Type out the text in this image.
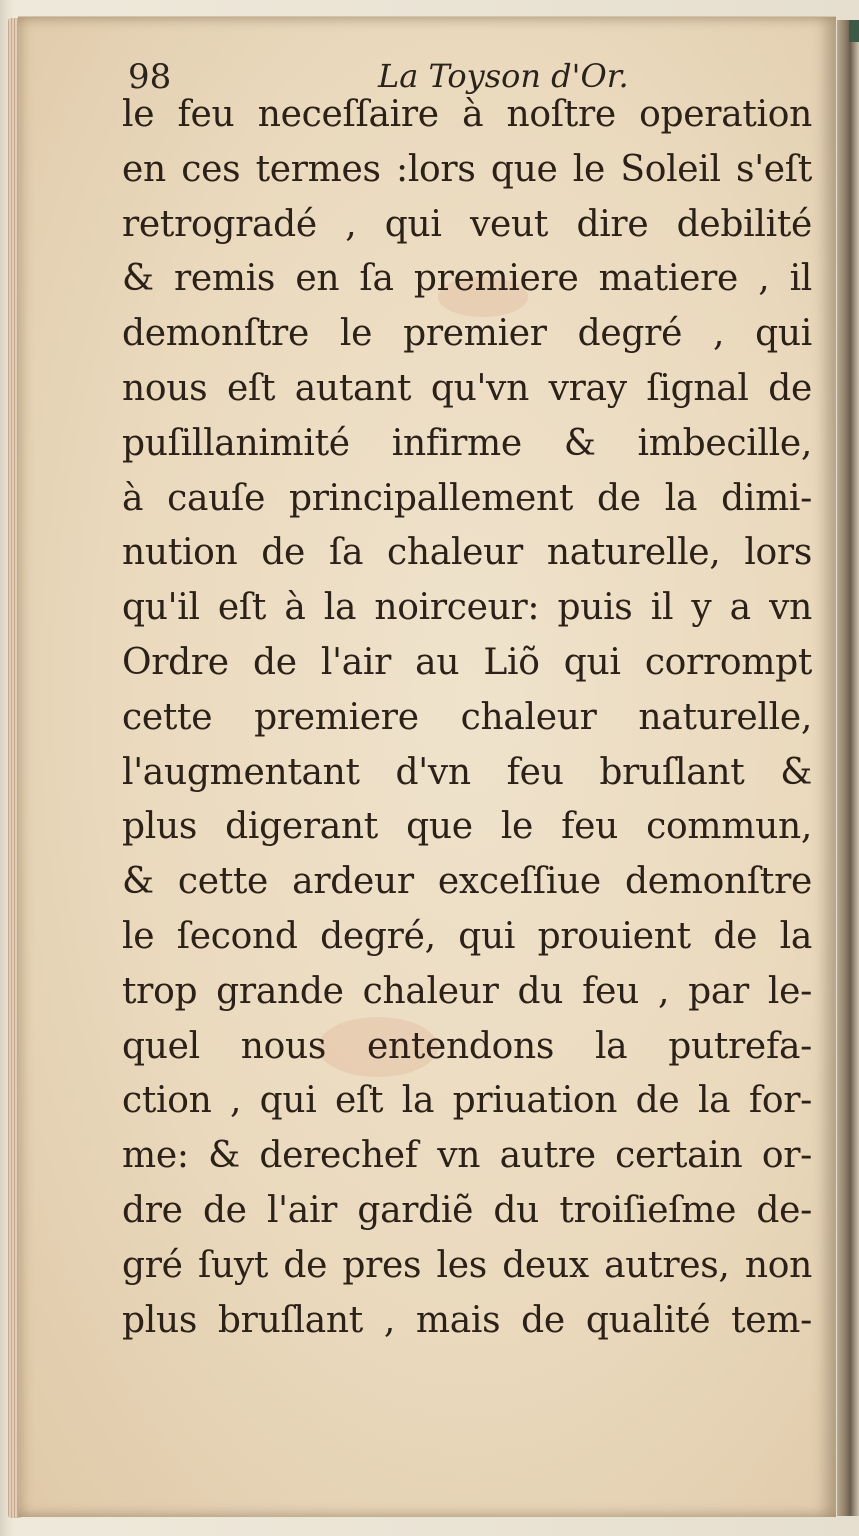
98	La Toyson d'Or.
le feu neceſſaire à noſtre operation
en ces termes :lors que le Soleil s'eſt
retrogradé , qui veut dire debilité
& remis en ſa premiere matiere , il
demonſtre le premier degré , qui
nous eſt autant qu'vn vray ſignal de
puſillanimité infirme & imbecille,
à cauſe principallement de la dimi-
nution de ſa chaleur naturelle, lors
qu'il eſt à la noirceur: puis il y a vn
Ordre de l'air au Liõ qui corrompt
cette premiere chaleur naturelle,
l'augmentant d'vn feu bruſlant &
plus digerant que le feu commun,
& cette ardeur exceſſiue demonſtre
le ſecond degré, qui prouient de la
trop grande chaleur du feu , par le-
quel nous entendons la putrefa-
ction , qui eſt la priuation de la for-
me: & derechef vn autre certain or-
dre de l'air gardiẽ du troiſieſme de-
gré ſuyt de pres les deux autres, non
plus bruſlant , mais de qualité tem-
